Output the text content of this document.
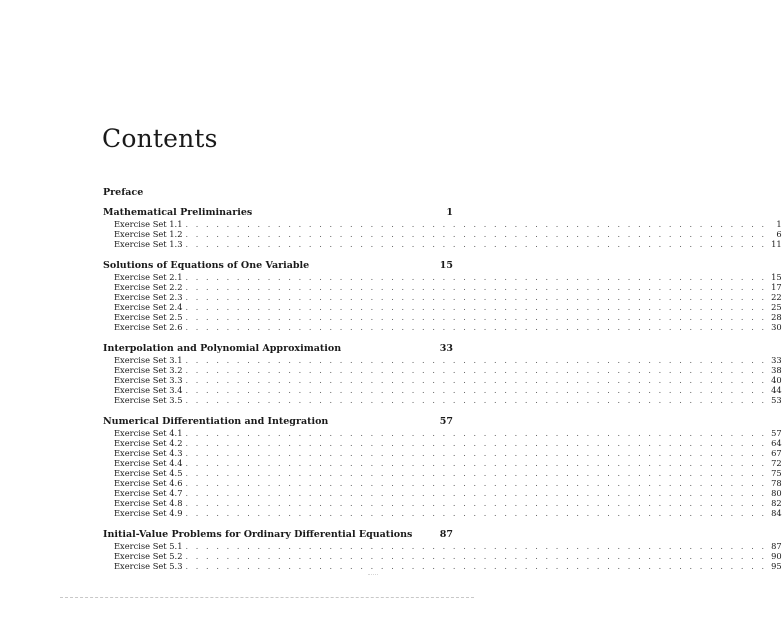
Contents
Preface
Mathematical Preliminaries	1
Exercise Set 1.1 . . . . . . . . . . . . . . . . . . . . . . . . . . . . . . . . . . . . . . . . . . . . . . . . . . . . . . . . .	1
Exercise Set 1.2 . . . . . . . . . . . . . . . . . . . . . . . . . . . . . . . . . . . . . . . . . . . . . . . . . . . . . . . . .	6
Exercise Set 1.3 . . . . . . . . . . . . . . . . . . . . . . . . . . . . . . . . . . . . . . . . . . . . . . . . . . . . . . . . . 11
Solutions of Equations of One Variable	15
Exercise Set 2.1 . . . . . . . . . . . . . . . . . . . . . . . . . . . . . . . . . . . . . . . . . . . . . . . . . . . . . . . . . 15
Exercise Set 2.2 . . . . . . . . . . . . . . . . . . . . . . . . . . . . . . . . . . . . . . . . . . . . . . . . . . . . . . . . . 17
Exercise Set 2.3 . . . . . . . . . . . . . . . . . . . . . . . . . . . . . . . . . . . . . . . . . . . . . . . . . . . . . . . . . 22
Exercise Set 2.4 . . . . . . . . . . . . . . . . . . . . . . . . . . . . . . . . . . . . . . . . . . . . . . . . . . . . . . . . . 25
Exercise Set 2.5 . . . . . . . . . . . . . . . . . . . . . . . . . . . . . . . . . . . . . . . . . . . . . . . . . . . . . . . . . 28
Exercise Set 2.6 . . . . . . . . . . . . . . . . . . . . . . . . . . . . . . . . . . . . . . . . . . . . . . . . . . . . . . . . . 30
Interpolation and Polynomial Approximation	33
Exercise Set 3.1 . . . . . . . . . . . . . . . . . . . . . . . . . . . . . . . . . . . . . . . . . . . . . . . . . . . . . . . . . 33
Exercise Set 3.2 . . . . . . . . . . . . . . . . . . . . . . . . . . . . . . . . . . . . . . . . . . . . . . . . . . . . . . . . . 38
Exercise Set 3.3 . . . . . . . . . . . . . . . . . . . . . . . . . . . . . . . . . . . . . . . . . . . . . . . . . . . . . . . . . 40
Exercise Set 3.4 . . . . . . . . . . . . . . . . . . . . . . . . . . . . . . . . . . . . . . . . . . . . . . . . . . . . . . . . . 44
Exercise Set 3.5 . . . . . . . . . . . . . . . . . . . . . . . . . . . . . . . . . . . . . . . . . . . . . . . . . . . . . . . . . 53
Numerical Differentiation and Integration	57
Exercise Set 4.1 . . . . . . . . . . . . . . . . . . . . . . . . . . . . . . . . . . . . . . . . . . . . . . . . . . . . . . . . . 57
Exercise Set 4.2 . . . . . . . . . . . . . . . . . . . . . . . . . . . . . . . . . . . . . . . . . . . . . . . . . . . . . . . . . 64
Exercise Set 4.3 . . . . . . . . . . . . . . . . . . . . . . . . . . . . . . . . . . . . . . . . . . . . . . . . . . . . . . . . . 67
Exercise Set 4.4 . . . . . . . . . . . . . . . . . . . . . . . . . . . . . . . . . . . . . . . . . . . . . . . . . . . . . . . . . 72
Exercise Set 4.5 . . . . . . . . . . . . . . . . . . . . . . . . . . . . . . . . . . . . . . . . . . . . . . . . . . . . . . . . . 75
Exercise Set 4.6 . . . . . . . . . . . . . . . . . . . . . . . . . . . . . . . . . . . . . . . . . . . . . . . . . . . . . . . . . 78
Exercise Set 4.7 . . . . . . . . . . . . . . . . . . . . . . . . . . . . . . . . . . . . . . . . . . . . . . . . . . . . . . . . . 80
Exercise Set 4.8 . . . . . . . . . . . . . . . . . . . . . . . . . . . . . . . . . . . . . . . . . . . . . . . . . . . . . . . . . 82
Exercise Set 4.9 . . . . . . . . . . . . . . . . . . . . . . . . . . . . . . . . . . . . . . . . . . . . . . . . . . . . . . . . . 84
Initial-Value Problems for Ordinary Differential Equations	87
Exercise Set 5.1 . . . . . . . . . . . . . . . . . . . . . . . . . . . . . . . . . . . . . . . . . . . . . . . . . . . . . . . . . 87
Exercise Set 5.2 . . . . . . . . . . . . . . . . . . . . . . . . . . . . . . . . . . . . . . . . . . . . . . . . . . . . . . . . . 90
Exercise Set 5.3 . . . . . . . . . . . . . . . . . . . . . . . . . . . . . . . . . . . . . . . . . . . . . . . . . . . . . . . . . 95
